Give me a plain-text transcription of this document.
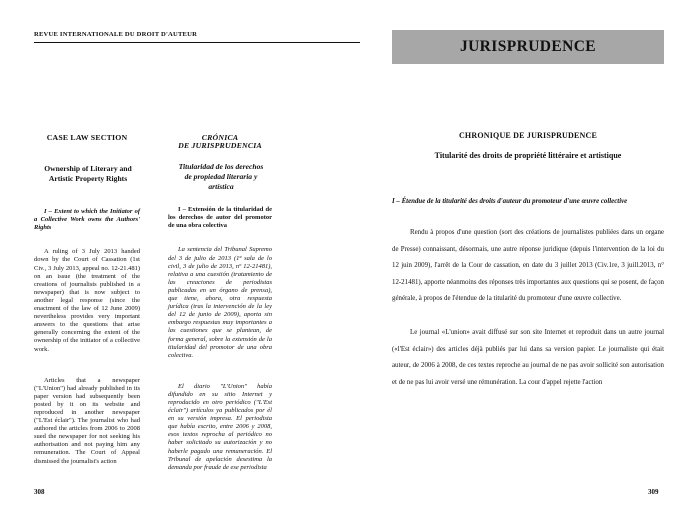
REVUE INTERNATIONALE DU DROIT D'AUTEUR
JURISPRUDENCE
CASE LAW SECTION
Ownership of Literary and Artistic Property Rights

I – Extent to which the Initiator of a Collective Work owns the Authors' Rights

A ruling of 3 July 2013 handed down by the Court of Cassation (1st Civ., 3 July 2013, appeal no. 12-21.481) on an issue (the treatment of the creations of journalists published in a newspaper) that is now subject to another legal response (since the enactment of the law of 12 June 2009) nevertheless provides very important answers to the questions that arise generally concerning the extent of the ownership of the initiator of a collective work.

Articles that a newspaper ("L'Union") had already published in its paper version had subsequently been posted by it on its website and reproduced in another newspaper ("L'Est éclair"). The journalist who had authored the articles from 2006 to 2008 sued the newspaper for not seeking his authorisation and not paying him any remuneration. The Court of Appeal dismissed the journalist's action

CRÓNICA
DE JURISPRUDENCIA
Titularidad de los derechos de propiedad literaria y artística

I – Extensión de la titularidad de los derechos de autor del promotor de una obra colectiva

La sentencia del Tribunal Supremo del 3 de julio de 2013 (1ª sala de lo civil, 3 de julio de 2013, nº 12-21481), relativa a una cuestión (tratamiento de las creaciones de periodistas publicadas en un órgano de prensa), que tiene, ahora, otra respuesta jurídica (tras la intervención de la ley del 12 de junio de 2009), aporta sin embargo respuestas muy importantes a las cuestiones que se plantean, de forma general, sobre la extensión de la titularidad del promotor de una obra colectiva.

El diario "L'Union" había difundido en su sitio Internet y reproducido en otro periódico ("L'Est éclair") artículos ya publicados por él en su versión impresa. El periodista que había escrito, entre 2006 y 2008, esos textos reprocha al periódico no haber solicitado su autorización y no haberle pagado una remuneración. El Tribunal de apelación desestima la demanda por fraude de ese periodista

CHRONIQUE DE JURISPRUDENCE
Titularité des droits de propriété littéraire et artistique

I – Étendue de la titularité des droits d'auteur du promoteur d'une œuvre collective

Rendu à propos d'une question (sort des créations de journalistes publiées dans un organe de Presse) connaissant, désormais, une autre réponse juridique (depuis l'intervention de la loi du 12 juin 2009), l'arrêt de la Cour de cassation, en date du 3 juillet 2013 (Civ.1re, 3 juill.2013, n° 12-21481), apporte néanmoins des réponses très importantes aux questions qui se posent, de façon générale, à propos de l'étendue de la titularité du promoteur d'une œuvre collective.

Le journal «L'union» avait diffusé sur son site Internet et reproduit dans un autre journal («l'Est éclair») des articles déjà publiés par lui dans sa version papier. Le journaliste qui était auteur, de 2006 à 2008, de ces textes reproche au journal de ne pas avoir sollicité son autorisation et de ne pas lui avoir versé une rémunération. La cour d'appel rejette l'action

308	309
